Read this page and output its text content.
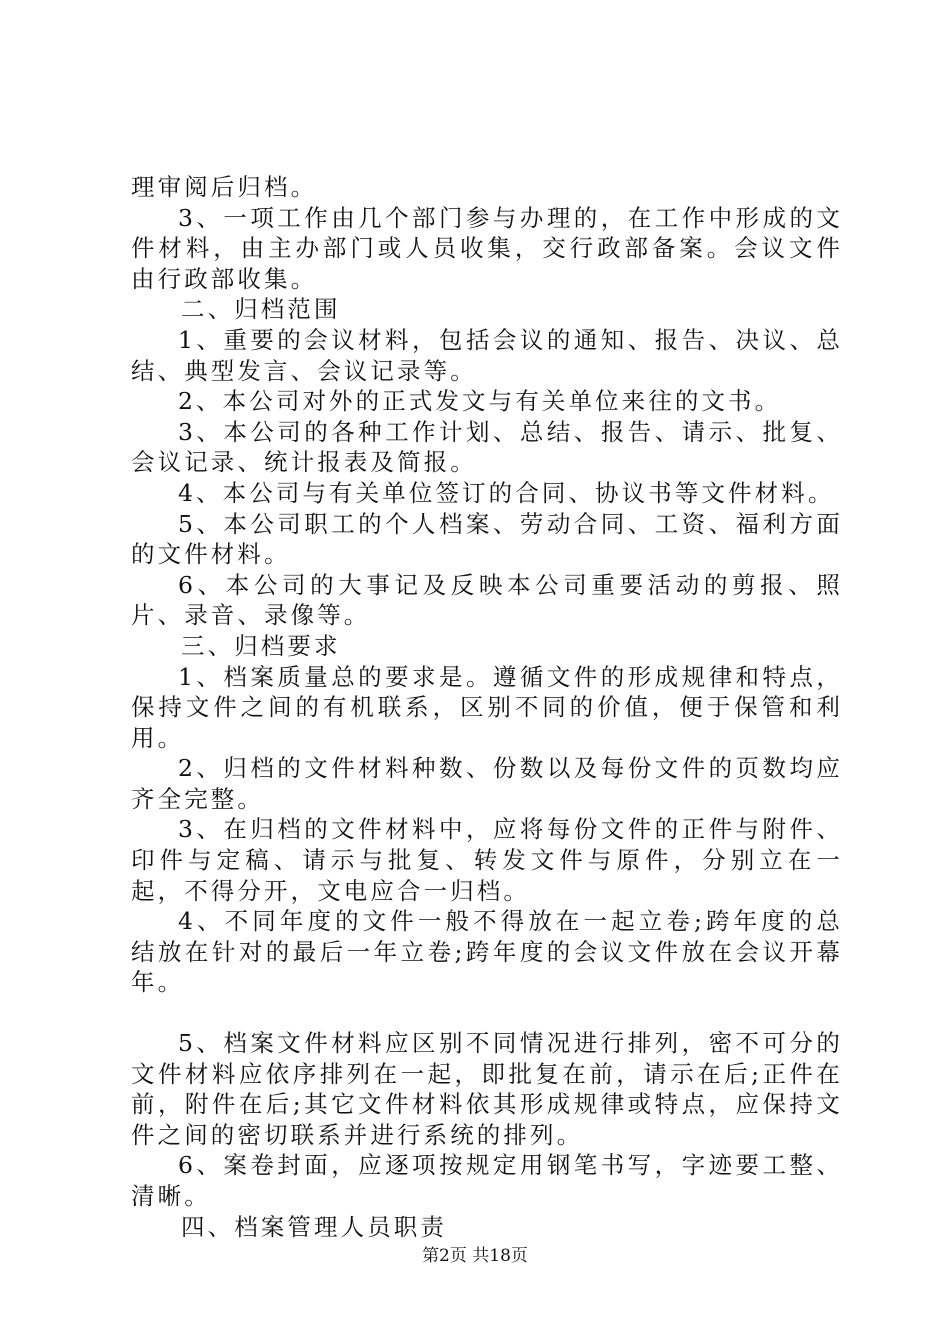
理审阅后归档。

3、一项工作由几个部门参与办理的，在工作中形成的文件材料，由主办部门或人员收集，交行政部备案。会议文件由行政部收集。

二、归档范围

1、重要的会议材料，包括会议的通知、报告、决议、总结、典型发言、会议记录等。

2、本公司对外的正式发文与有关单位来往的文书。

3、本公司的各种工作计划、总结、报告、请示、批复、会议记录、统计报表及简报。

4、本公司与有关单位签订的合同、协议书等文件材料。

5、本公司职工的个人档案、劳动合同、工资、福利方面的文件材料。

6、本公司的大事记及反映本公司重要活动的剪报、照片、录音、录像等。

三、归档要求

1、档案质量总的要求是。遵循文件的形成规律和特点，保持文件之间的有机联系，区别不同的价值，便于保管和利用。

2、归档的文件材料种数、份数以及每份文件的页数均应齐全完整。

3、在归档的文件材料中，应将每份文件的正件与附件、印件与定稿、请示与批复、转发文件与原件，分别立在一起，不得分开，文电应合一归档。

4、不同年度的文件一般不得放在一起立卷;跨年度的总结放在针对的最后一年立卷;跨年度的会议文件放在会议开幕年。

5、档案文件材料应区别不同情况进行排列，密不可分的文件材料应依序排列在一起，即批复在前，请示在后;正件在前，附件在后;其它文件材料依其形成规律或特点，应保持文件之间的密切联系并进行系统的排列。

6、案卷封面，应逐项按规定用钢笔书写，字迹要工整、清晰。

四、档案管理人员职责

第2页 共18页
